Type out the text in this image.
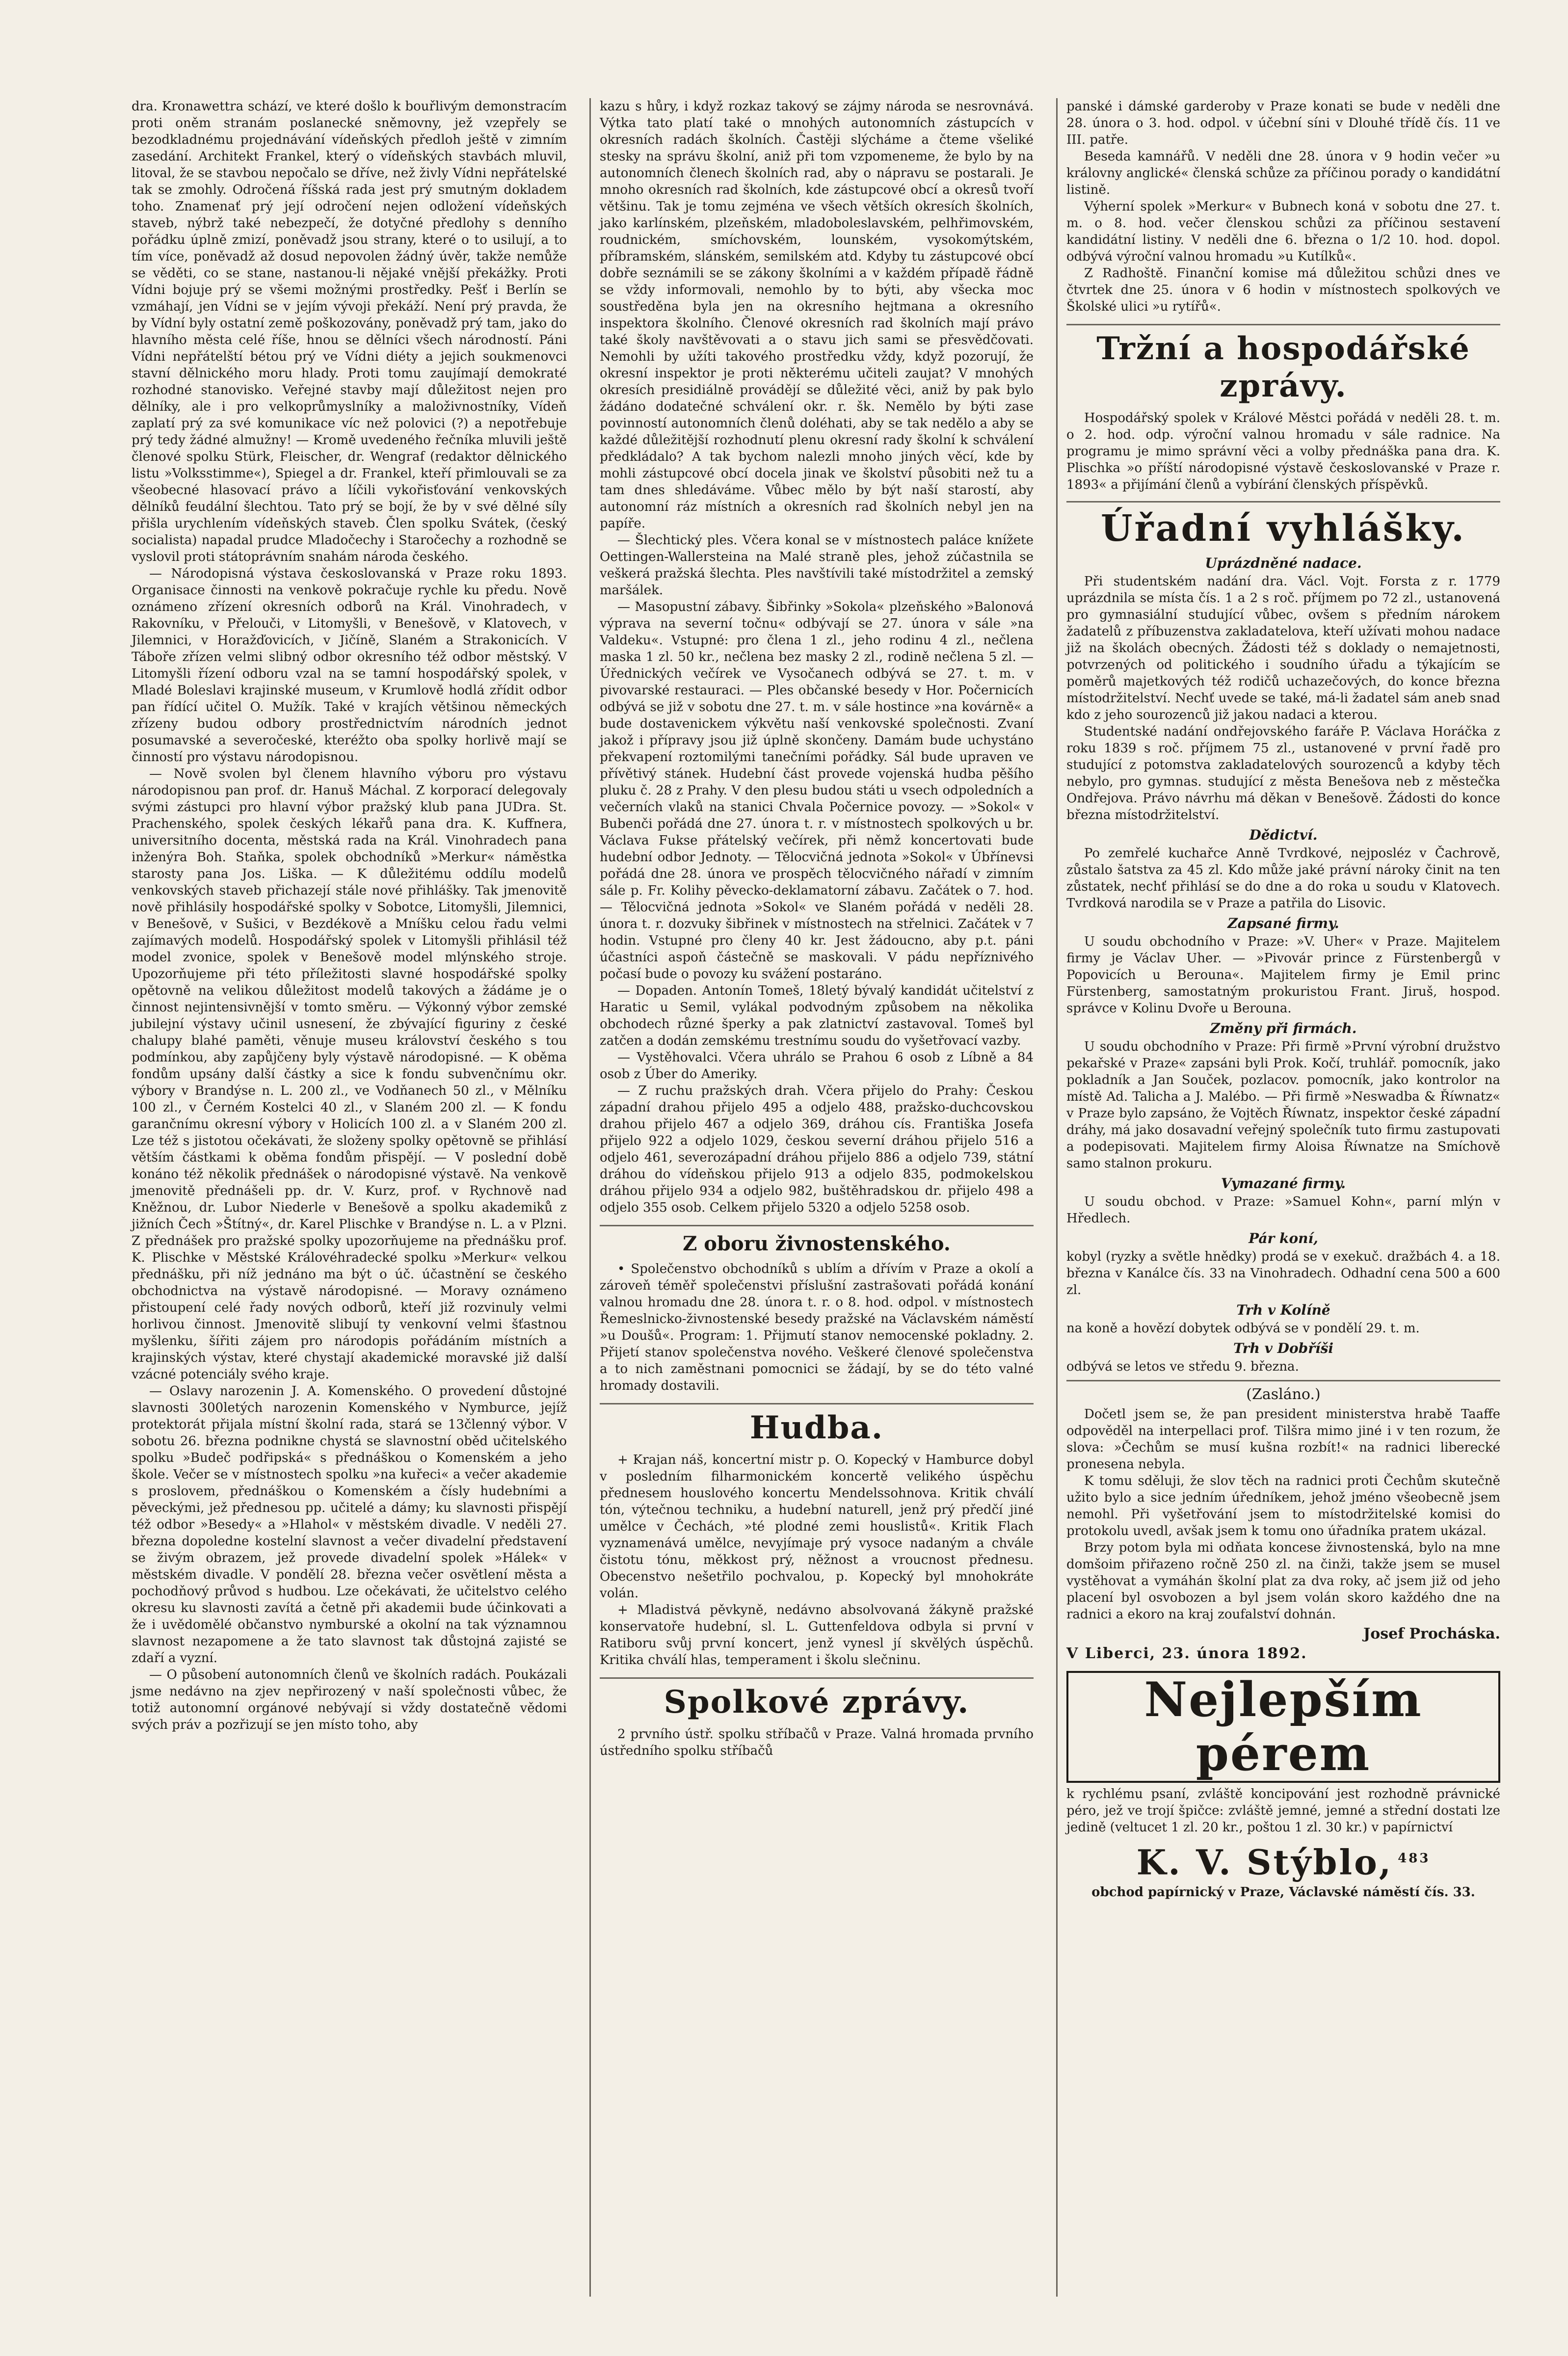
dra. Kronawettra schází, ve které došlo k bouřlivým demonstracím proti oněm stranám poslanecké sněmovny, jež vzepřely se bezodkladnému projednávání vídeňských předloh ještě v zimním zasedání. Architekt Frankel, který o vídeňských stavbách mluvil, litoval, že se stavbou nepočalo se dříve, než živly Vídni nepřátelské tak se zmohly. Odročená říšská rada jest prý smutným dokladem toho. Znamenať prý její odročení nejen odložení vídeňských staveb, nýbrž také nebezpečí, že dotyčné předlohy s denního pořádku úplně zmizí, poněvadž jsou strany, které o to usilují, a to tím více, poněvadž až dosud nepovolen žádný úvěr, takže nemůže se věděti, co se stane, nastanou-li nějaké vnější překážky. Proti Vídni bojuje prý se všemi možnými prostředky. Pešť i Berlín se vzmáhají, jen Vídni se v jejím vývoji překáží. Není prý pravda, že by Vídní byly ostatní země poškozovány, poněvadž prý tam, jako do hlavního města celé říše, hnou se dělníci všech národností. Páni Vídni nepřátelští bétou prý ve Vídni diéty a jejich soukmenovci stavní dělnického moru hlady. Proti tomu zaujímají demokraté rozhodné stanovisko. Veřejné stavby mají důležitost nejen pro dělníky, ale i pro velkoprůmyslníky a maloživnostníky, Vídeň zaplatí prý za své komunikace víc než polovici (?) a nepotřebuje prý tedy žádné almužny! — Kromě uvedeného řečníka mluvili ještě členové spolku Stürk, Fleischer, dr. Wengraf (redaktor dělnického listu »Volksstimme«), Spiegel a dr. Frankel, kteří přimlouvali se za všeobecné hlasovací právo a líčili vykořisťování venkovských dělníků feudální šlechtou. Tato prý se bojí, že by v své dělné síly přišla urychlením vídeňských staveb. Člen spolku Svátek, (český socialista) napadal prudce Mladočechy i Staročechy a rozhodně se vyslovil proti státoprávním snahám národa českého.

— Národopisná výstava českoslovanská v Praze roku 1893. Organisace činnosti na venkově pokračuje rychle ku předu. Nově oznámeno zřízení okresních odborů na Král. Vinohradech, v Rakovníku, v Přelouči, v Litomyšli, v Benešově, v Klatovech, v Jilemnici, v Horažďovicích, v Jičíně, Slaném a Strakonicích. V Táboře zřízen velmi slibný odbor okresního též odbor městský. V Litomyšli řízení odboru vzal na se tamní hospodářský spolek, v Mladé Boleslavi krajinské museum, v Krumlově hodlá zřídit odbor pan řídící učitel O. Mužík. Také v krajích většinou německých zřízeny budou odbory prostřednictvím národních jednot posumavské a severočeské, kteréžto oba spolky horlivě mají se činností pro výstavu národopisnou.

— Nově svolen byl členem hlavního výboru pro výstavu národopisnou pan prof. dr. Hanuš Máchal. Z korporací delegovaly svými zástupci pro hlavní výbor pražský klub pana JUDra. St. Prachenského, spolek českých lékařů pana dra. K. Kuffnera, universitního docenta, městská rada na Král. Vinohradech pana inženýra Boh. Staňka, spolek obchodníků »Merkur« náměstka starosty pana Jos. Liška. — K důležitému oddílu modelů venkovských staveb přichazejí stále nové přihlášky. Tak jmenovitě nově přihlásily hospodářské spolky v Sobotce, Litomyšli, Jilemnici, v Benešově, v Sušici, v Bezdékově a Mníšku celou řadu velmi zajímavých modelů. Hospodářský spolek v Litomyšli přihlásil též model zvonice, spolek v Benešově model mlýnského stroje. Upozorňujeme při této příležitosti slavné hospodářské spolky opětovně na velikou důležitost modelů takových a žádáme je o činnost nejintensivnější v tomto směru. — Výkonný výbor zemské jubilejní výstavy učinil usnesení, že zbývající figuriny z české chalupy blahé paměti, věnuje museu království českého s tou podmínkou, aby zapůjčeny byly výstavě národopisné. — K oběma fondům upsány další částky a sice k fondu subvenčnímu okr. výbory v Brandýse n. L. 200 zl., ve Vodňanech 50 zl., v Mělníku 100 zl., v Černém Kostelci 40 zl., v Slaném 200 zl. — K fondu garančnímu okresní výbory v Holicích 100 zl. a v Slaném 200 zl. Lze též s jistotou očekávati, že složeny spolky opětovně se přihlásí větším částkami k oběma fondům přispějí. — V poslední době konáno též několik přednášek o národopisné výstavě. Na venkově jmenovitě přednášeli pp. dr. V. Kurz, prof. v Rychnově nad Kněžnou, dr. Lubor Niederle v Benešově a spolku akademiků z jižních Čech »Štítný«, dr. Karel Plischke v Brandýse n. L. a v Plzni. Z přednášek pro pražské spolky upozorňujeme na přednášku prof. K. Plischke v Městské Královéhradecké spolku »Merkur« velkou přednášku, při níž jednáno ma být o úč. účastnění se českého obchodnictva na výstavě národopisné. — Moravy oznámeno přistoupení celé řady nových odborů, kteří již rozvinuly velmi horlivou činnost. Jmenovitě slibují ty venkovní velmi šťastnou myšlenku, šířiti zájem pro národopis pořádáním místních a krajinských výstav, které chystají akademické moravské již další vzácné potenciály svého kraje.

— Oslavy narozenin J. A. Komenského. O provedení důstojné slavnosti 300letých narozenin Komenského v Nymburce, jejíž protektorát přijala místní školní rada, stará se 13členný výbor. V sobotu 26. března podnikne chystá se slavnostní oběd učitelského spolku »Budeč podřipská« s přednáškou o Komenském a jeho škole. Večer se v místnostech spolku »na kuřeci« a večer akademie s proslovem, přednáškou o Komenském a čísly hudebními a pěveckými, jež přednesou pp. učitelé a dámy; ku slavnosti přispějí též odbor »Besedy« a »Hlahol« v městském divadle. V neděli 27. března dopoledne kostelní slavnost a večer divadelní představení se živým obrazem, jež provede divadelní spolek »Hálek« v městském divadle. V pondělí 28. března večer osvětlení města a pochodňový průvod s hudbou. Lze očekávati, že učitelstvo celého okresu ku slavnosti zavítá a četně při akademii bude účinkovati a že i uvědomělé občanstvo nymburské a okolní na tak významnou slavnost nezapomene a že tato slavnost tak důstojná zajisté se zdaří a vyzní.

— O působení autonomních členů ve školních radách. Poukázali jsme nedávno na zjev nepřirozený v naší společnosti vůbec, že totiž autonomní orgánové nebývají si vždy dostatečně vědomi svých práv a pozřizují se jen místo toho, aby

kazu s hůry, i když rozkaz takový se zájmy národa se nesrovnává. Výtka tato platí také o mnohých autonomních zástupcích v okresních radách školních. Častěji slýcháme a čteme všeliké stesky na správu školní, aniž při tom vzpomeneme, že bylo by na autonomních členech školních rad, aby o nápravu se postarali. Je mnoho okresních rad školních, kde zástupcové obcí a okresů tvoří většinu. Tak je tomu zejména ve všech větších okresích školních, jako karlínském, plzeňském, mladoboleslavském, pelhřimovském, roudnickém, smíchovském, lounském, vysokomýtském, příbramském, slánském, semilském atd. Kdyby tu zástupcové obcí dobře seznámili se se zákony školními a v každém případě řádně se vždy informovali, nemohlo by to býti, aby všecka moc soustředěna byla jen na okresního hejtmana a okresního inspektora školního. Členové okresních rad školních mají právo také školy navštěvovati a o stavu jich sami se přesvědčovati. Nemohli by užíti takového prostředku vždy, když pozorují, že okresní inspektor je proti některému učiteli zaujat? V mnohých okresích presidiálně provádějí se důležité věci, aniž by pak bylo žádáno dodatečné schválení okr. r. šk. Nemělo by býti zase povinností autonomních členů doléhati, aby se tak nedělo a aby se každé důležitější rozhodnutí plenu okresní rady školní k schválení předkládalo? A tak bychom nalezli mnoho jiných věcí, kde by mohli zástupcové obcí docela jinak ve školství působiti než tu a tam dnes shledáváme. Vůbec mělo by být naší starostí, aby autonomní ráz místních a okresních rad školních nebyl jen na papíře.

— Šlechtický ples. Včera konal se v místnostech paláce knížete Oettingen-Wallersteina na Malé straně ples, jehož zúčastnila se veškerá pražská šlechta. Ples navštívili také místodržitel a zemský maršálek.

— Masopustní zábavy. Šibřinky »Sokola« plzeňského »Balonová výprava na severní točnu« odbývají se 27. února v sále »na Valdeku«. Vstupné: pro člena 1 zl., jeho rodinu 4 zl., nečlena maska 1 zl. 50 kr., nečlena bez masky 2 zl., rodině nečlena 5 zl. — Úřednických večírek ve Vysočanech odbývá se 27. t. m. v pivovarské restauraci. — Ples občanské besedy v Hor. Počernicích odbývá se již v sobotu dne 27. t. m. v sále hostince »na kovárně« a bude dostavenickem výkvětu naší venkovské společnosti. Zvaní jakož i přípravy jsou již úplně skončeny. Damám bude uchystáno překvapení roztomilými tanečními pořádky. Sál bude upraven ve přívětivý stánek. Hudební část provede vojenská hudba pěšího pluku č. 28 z Prahy. V den plesu budou státi u vsech odpoledních a večerních vlaků na stanici Chvala Počernice povozy. — »Sokol« v Bubenči pořádá dne 27. února t. r. v místnostech spolkových u br. Václava Fukse přátelský večírek, při němž koncertovati bude hudební odbor Jednoty. — Tělocvičná jednota »Sokol« v Úbřínevsi pořádá dne 28. února ve prospěch tělocvičného nářadí v zimním sále p. Fr. Kolihy pěvecko-deklamatorní zábavu. Začátek o 7. hod. — Tělocvičná jednota »Sokol« ve Slaném pořádá v neděli 28. února t. r. dozvuky šibřinek v místnostech na střelnici. Začátek v 7 hodin. Vstupné pro členy 40 kr. Jest žádoucno, aby p.t. páni účastníci aspoň částečně se maskovali. V pádu nepříznivého počasí bude o povozy ku svážení postaráno.

— Dopaden. Antonín Tomeš, 18letý bývalý kandidát učitelství z Haratic u Semil, vylákal podvodným způsobem na několika obchodech různé šperky a pak zlatnictví zastavoval. Tomeš byl zatčen a dodán zemskému trestnímu soudu do vyšetřovací vazby.

— Vystěhovalci. Včera uhrálo se Prahou 6 osob z Líbně a 84 osob z Úber do Ameriky.

— Z ruchu pražských drah. Včera přijelo do Prahy: Českou západní drahou přijelo 495 a odjelo 488, pražsko-duchcovskou drahou přijelo 467 a odjelo 369, dráhou cís. Františka Josefa přijelo 922 a odjelo 1029, českou severní dráhou přijelo 516 a odjelo 461, severozápadní dráhou přijelo 886 a odjelo 739, státní dráhou do vídeňskou přijelo 913 a odjelo 835, podmokelskou dráhou přijelo 934 a odjelo 982, buštěhradskou dr. přijelo 498 a odjelo 355 osob. Celkem přijelo 5320 a odjelo 5258 osob.

Z oboru živnostenského.

• Společenstvo obchodníků s ublím a dřívím v Praze a okolí a zároveň téměř společenstvi příslušní zastrašovati pořádá konání valnou hromadu dne 28. února t. r. o 8. hod. odpol. v místnostech Řemeslnicko-živnostenské besedy pražské na Václavském náměstí »u Doušů«. Program: 1. Přijmutí stanov nemocenské pokladny. 2. Přijetí stanov společenstva nového. Veškeré členové společenstva a to nich zaměstnani pomocnici se žádají, by se do této valné hromady dostavili.

Hudba.

+ Krajan náš, koncertní mistr p. O. Kopecký v Hamburce dobyl v posledním filharmonickém koncertě velikého úspěchu přednesem houslového koncertu Mendelssohnova. Kritik chválí tón, výtečnou techniku, a hudební naturell, jenž prý předčí jiné umělce v Čechách, »té plodné zemi houslistů«. Kritik Flach vyznamenává umělce, nevyjímaje prý vysoce nadaným a chvále čistotu tónu, měkkost prý, něžnost a vroucnost přednesu. Obecenstvo nešetřilo pochvalou, p. Kopecký byl mnohokráte volán.

+ Mladistvá pěvkyně, nedávno absolvovaná žákyně pražské konservatoře hudební, sl. L. Guttenfeldova odbyla si první v Ratiboru svůj první koncert, jenž vynesl jí skvělých úspěchů. Kritika chválí hlas, temperament i školu slečninu.

Spolkové zprávy.

2 prvního ústř. spolku stříbačů v Praze. Valná hromada prvního ústředního spolku stříbačů

panské i dámské garderoby v Praze konati se bude v neděli dne 28. února o 3. hod. odpol. v účební síni v Dlouhé třídě čís. 11 ve III. patře.

Beseda kamnářů. V neděli dne 28. února v 9 hodin večer »u královny anglické« členská schůze za příčinou porady o kandidátní listině.

Výherní spolek »Merkur« v Bubnech koná v sobotu dne 27. t. m. o 8. hod. večer členskou schůzi za příčinou sestavení kandidátní listiny. V neděli dne 6. března o 1/2 10. hod. dopol. odbývá výroční valnou hromadu »u Kutílků«.

Z Radhoště. Finanční komise má důležitou schůzi dnes ve čtvrtek dne 25. února v 6 hodin v místnostech spolkových ve Školské ulici »u rytířů«.

Tržní a hospodářské zprávy.

Hospodářský spolek v Králové Městci pořádá v neděli 28. t. m. o 2. hod. odp. výroční valnou hromadu v sále radnice. Na programu je mimo správní věci a volby přednáška pana dra. K. Plischka »o příští národopisné výstavě českoslovanské v Praze r. 1893« a přijímání členů a vybírání členských příspěvků.

Úřadní vyhlášky.
Uprázdněné nadace.

Při studentském nadání dra. Václ. Vojt. Forsta z r. 1779 uprázdnila se místa čís. 1 a 2 s roč. příjmem po 72 zl., ustanovená pro gymnasiální studující vůbec, ovšem s předním nárokem žadatelů z příbuzenstva zakladatelova, kteří užívati mohou nadace již na školách obecných. Žádosti též s doklady o nemajetnosti, potvrzených od politického i soudního úřadu a týkajícím se poměrů majetkových též rodičů uchazečových, do konce března místodržitelství. Nechť uvede se také, má-li žadatel sám aneb snad kdo z jeho sourozenců již jakou nadaci a kterou.

Studentské nadání ondřejovského faráře P. Václava Horáčka z roku 1839 s roč. příjmem 75 zl., ustanovené v první řadě pro studující z potomstva zakladatelových sourozenců a kdyby těch nebylo, pro gymnas. studující z města Benešova neb z městečka Ondřejova. Právo návrhu má děkan v Benešově. Žádosti do konce března místodržitelství.

Dědictví.

Po zemřelé kuchařce Anně Tvrdkové, nejposléz v Čachrově, zůstalo šatstva za 45 zl. Kdo může jaké právní nároky činit na ten zůstatek, nechť přihlásí se do dne a do roka u soudu v Klatovech. Tvrdková narodila se v Praze a patřila do Lisovic.

Zapsané firmy.

U soudu obchodního v Praze: »V. Uher« v Praze. Majitelem firmy je Václav Uher. — »Pivovár prince z Fürstenbergů v Popovicích u Berouna«. Majitelem firmy je Emil princ Fürstenberg, samostatným prokuristou Frant. Jiruš, hospod. správce v Kolinu Dvoře u Berouna.

Změny při firmách.

U soudu obchodního v Praze: Při firmě »První výrobní družstvo pekařské v Praze« zapsáni byli Prok. Kočí, truhlář. pomocník, jako pokladník a Jan Souček, pozlacov. pomocník, jako kontrolor na místě Ad. Talicha a J. Malébo. — Při firmě »Neswadba & Říwnatz« v Praze bylo zapsáno, že Vojtěch Říwnatz, inspektor české západní dráhy, má jako dosavadní veřejný společník tuto firmu zastupovati a podepisovati. Majitelem firmy Aloisa Říwnatze na Smíchově samo stalnon prokuru.

Vymazané firmy.

U soudu obchod. v Praze: »Samuel Kohn«, parní mlýn v Hředlech.

Pár koní,

kobyl (ryzky a světle hnědky) prodá se v exekuč. dražbách 4. a 18. března v Kanálce čís. 33 na Vinohradech. Odhadní cena 500 a 600 zl.

Trh v Kolíně

na koně a hovězí dobytek odbývá se v pondělí 29. t. m.

Trh v Dobříši

odbývá se letos ve středu 9. března.

(Zasláno.)

Dočetl jsem se, že pan president ministerstva hrabě Taaffe odpověděl na interpellaci prof. Tilšra mimo jiné i v ten rozum, že slova: »Čechům se musí kušna rozbít!« na radnici liberecké pronesena nebyla.

K tomu sděluji, že slov těch na radnici proti Čechům skutečně užito bylo a sice jedním úředníkem, jehož jméno všeobecně jsem nemohl. Při vyšetřování jsem to místodržitelské komisi do protokolu uvedl, avšak jsem k tomu ono úřadníka pratem ukázal.

Brzy potom byla mi odňata koncese živnostenská, bylo na mne domšoim přiřazeno ročně 250 zl. na činži, takže jsem se musel vystěhovat a vymáhán školní plat za dva roky, ač jsem již od jeho placení byl osvobozen a byl jsem volán skoro každého dne na radnici a ekoro na kraj zoufalství dohnán.

Josef Procháska.
V Liberci, 23. února 1892.
Nejlepším pérem

k rychlému psaní, zvláště koncipování jest rozhodně právnické péro, jež ve trojí špičce: zvláště jemné, jemné a střední dostati lze jedině (veltucet 1 zl. 20 kr., poštou 1 zl. 30 kr.) v papírnictví

K. V. Stýblo, $^{483}$
obchod papírnický v Praze, Václavské náměstí čís. 33.
